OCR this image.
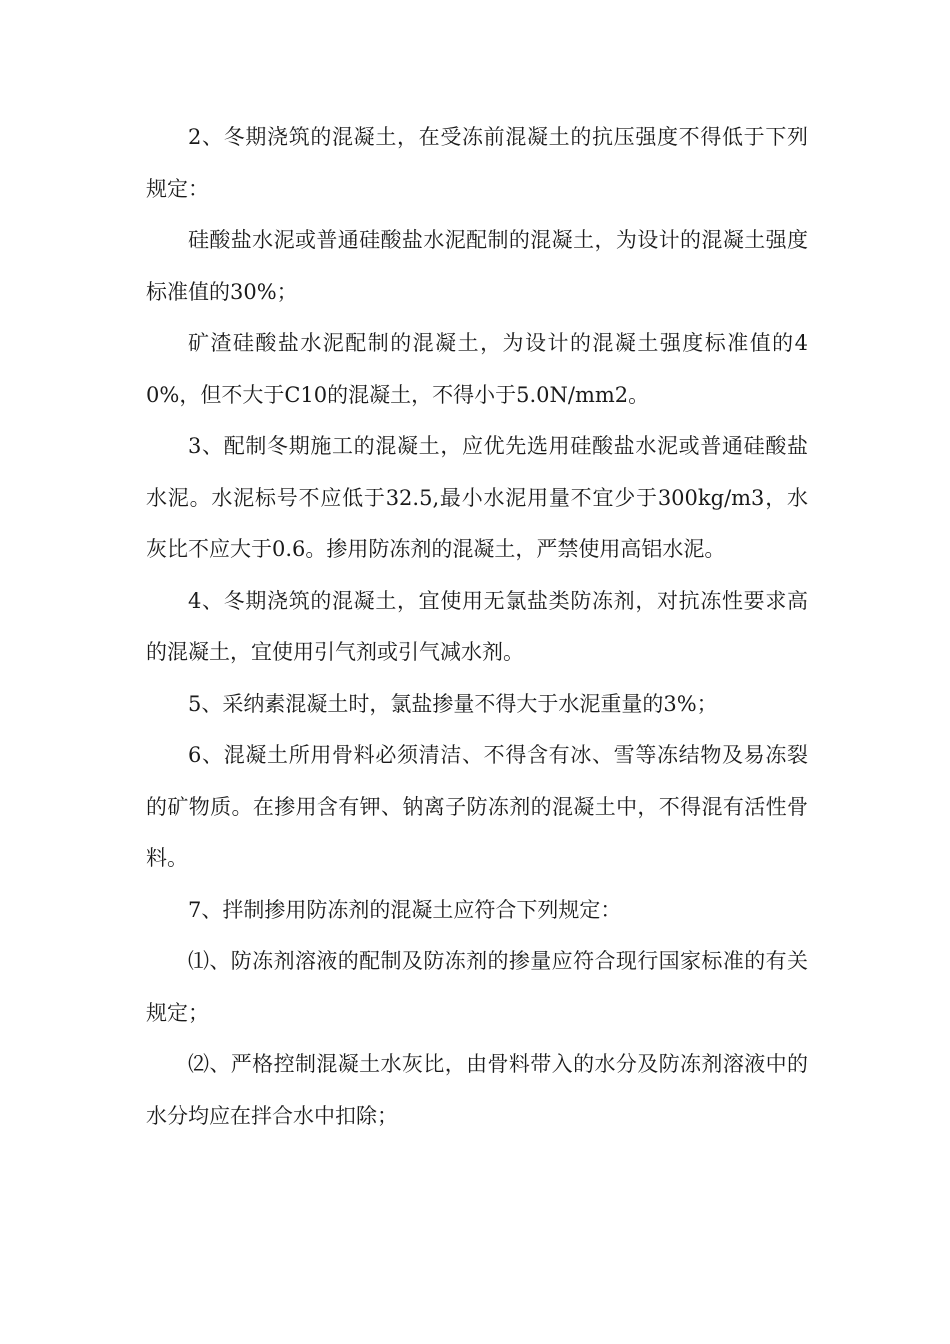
2、冬期浇筑的混凝土，在受冻前混凝土的抗压强度不得低于下列规定：

硅酸盐水泥或普通硅酸盐水泥配制的混凝土，为设计的混凝土强度标准值的30%；

矿渣硅酸盐水泥配制的混凝土，为设计的混凝土强度标准值的40%，但不大于C10的混凝土，不得小于5.0N/mm2。

3、配制冬期施工的混凝土，应优先选用硅酸盐水泥或普通硅酸盐水泥。水泥标号不应低于32.5,最小水泥用量不宜少于300kg/m3，水灰比不应大于0.6。掺用防冻剂的混凝土，严禁使用高铝水泥。

4、冬期浇筑的混凝土，宜使用无氯盐类防冻剂，对抗冻性要求高的混凝土，宜使用引气剂或引气减水剂。

5、采纳素混凝土时，氯盐掺量不得大于水泥重量的3%；

6、混凝土所用骨料必须清洁、不得含有冰、雪等冻结物及易冻裂的矿物质。在掺用含有钾、钠离子防冻剂的混凝土中，不得混有活性骨料。

7、拌制掺用防冻剂的混凝土应符合下列规定：

⑴、防冻剂溶液的配制及防冻剂的掺量应符合现行国家标准的有关规定；

⑵、严格控制混凝土水灰比，由骨料带入的水分及防冻剂溶液中的水分均应在拌合水中扣除；
